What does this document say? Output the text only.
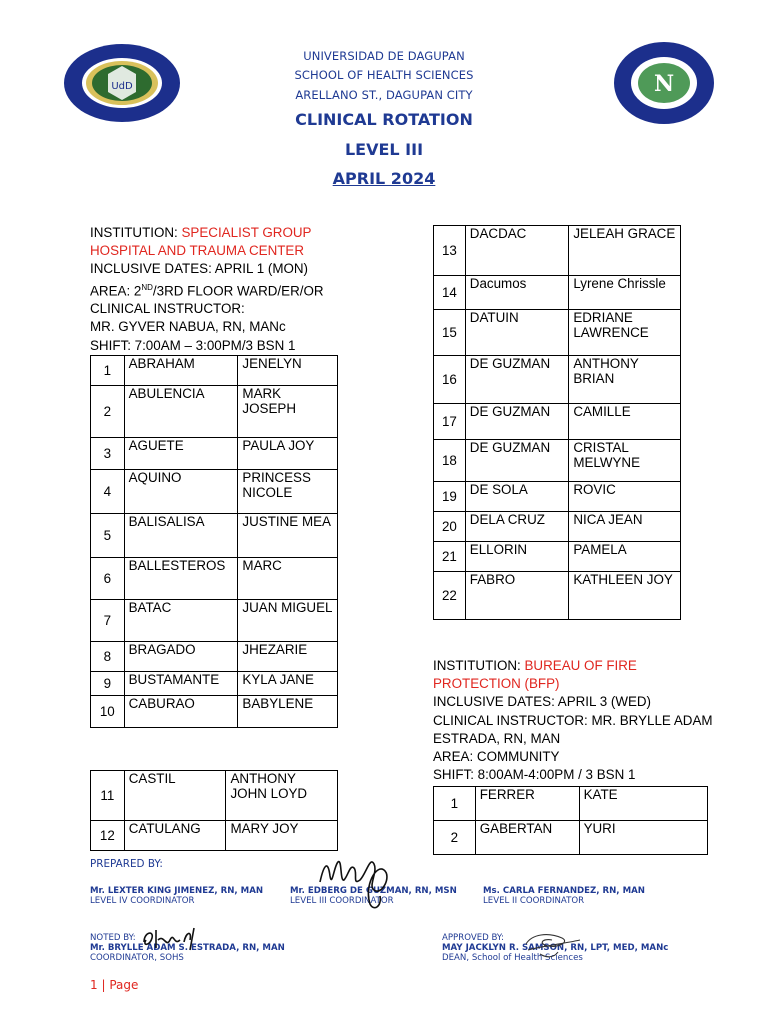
UdD	N
UNIVERSIDAD DE DAGUPAN
SCHOOL OF HEALTH SCIENCES
ARELLANO ST., DAGUPAN CITY
CLINICAL ROTATION
LEVEL III
APRIL 2024
INSTITUTION: SPECIALIST GROUP
HOSPITAL AND TRAUMA CENTER
INCLUSIVE DATES: APRIL 1 (MON)
AREA: 2ND/3RD FLOOR WARD/ER/OR
CLINICAL INSTRUCTOR:
MR. GYVER NABUA, RN, MANc
SHIFT: 7:00AM – 3:00PM/3 BSN 1
1	ABRAHAM	JENELYN
2	ABULENCIA	MARK JOSEPH
3	AGUETE	PAULA JOY
4	AQUINO	PRINCESS NICOLE
5	BALISALISA	JUSTINE MEA
6	BALLESTEROS	MARC
7	BATAC	JUAN MIGUEL
8	BRAGADO	JHEZARIE
9	BUSTAMANTE	KYLA JANE
10	CABURAO	BABYLENE
11	CASTIL	ANTHONY JOHN LOYD
12	CATULANG	MARY JOY
13	DACDAC	JELEAH GRACE
14	Dacumos	Lyrene Chrissle
15	DATUIN	EDRIANE LAWRENCE
16	DE GUZMAN	ANTHONY BRIAN
17	DE GUZMAN	CAMILLE
18	DE GUZMAN	CRISTAL MELWYNE
19	DE SOLA	ROVIC
20	DELA CRUZ	NICA JEAN
21	ELLORIN	PAMELA
22	FABRO	KATHLEEN JOY
INSTITUTION: BUREAU OF FIRE
PROTECTION (BFP)
INCLUSIVE DATES: APRIL 3 (WED)
CLINICAL INSTRUCTOR: MR. BRYLLE ADAM
ESTRADA, RN, MAN
AREA: COMMUNITY
SHIFT: 8:00AM-4:00PM / 3 BSN 1
1	FERRER	KATE
2	GABERTAN	YURI
PREPARED BY:
Mr. LEXTER KING JIMENEZ, RN, MAN
LEVEL IV COORDINATOR
Mr. EDBERG DE GUZMAN, RN, MSN
LEVEL III COORDINATOR
Ms. CARLA FERNANDEZ, RN, MAN
LEVEL II COORDINATOR
NOTED BY:
Mr. BRYLLE ADAM S. ESTRADA, RN, MAN
COORDINATOR, SOHS
APPROVED BY:
MAY JACKLYN R. SAMSON, RN, LPT, MED, MANc
DEAN, School of Health Sciences
1 | Page
